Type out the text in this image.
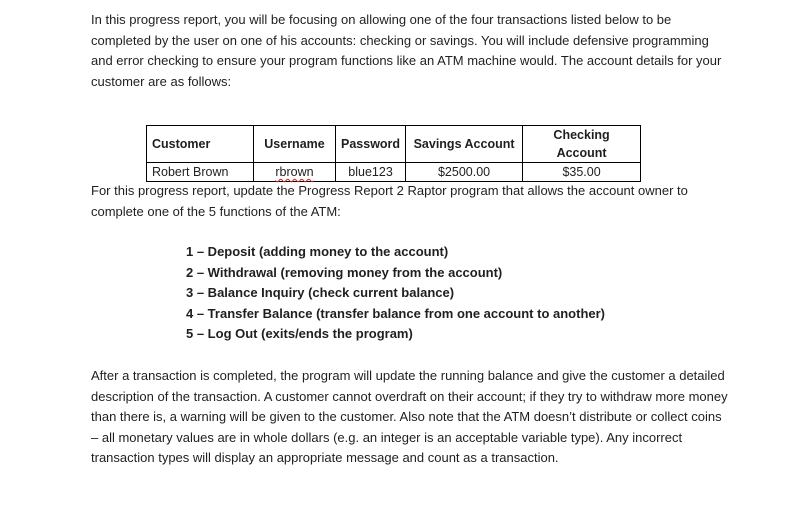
In this progress report, you will be focusing on allowing one of the four transactions listed below to be completed by the user on one of his accounts: checking or savings. You will include defensive programming and error checking to ensure your program functions like an ATM machine would. The account details for your customer are as follows:

Customer	Username	Password	Savings Account	Checking Account
Robert Brown	rbrown	blue123	$2500.00	$35.00

For this progress report, update the Progress Report 2 Raptor program that allows the account owner to complete one of the 5 functions of the ATM:

1 – Deposit (adding money to the account)
2 – Withdrawal (removing money from the account)
3 – Balance Inquiry (check current balance)
4 – Transfer Balance (transfer balance from one account to another)
5 – Log Out (exits/ends the program)

After a transaction is completed, the program will update the running balance and give the customer a detailed description of the transaction. A customer cannot overdraft on their account; if they try to withdraw more money than there is, a warning will be given to the customer. Also note that the ATM doesn’t distribute or collect coins – all monetary values are in whole dollars (e.g. an integer is an acceptable variable type). Any incorrect transaction types will display an appropriate message and count as a transaction.
